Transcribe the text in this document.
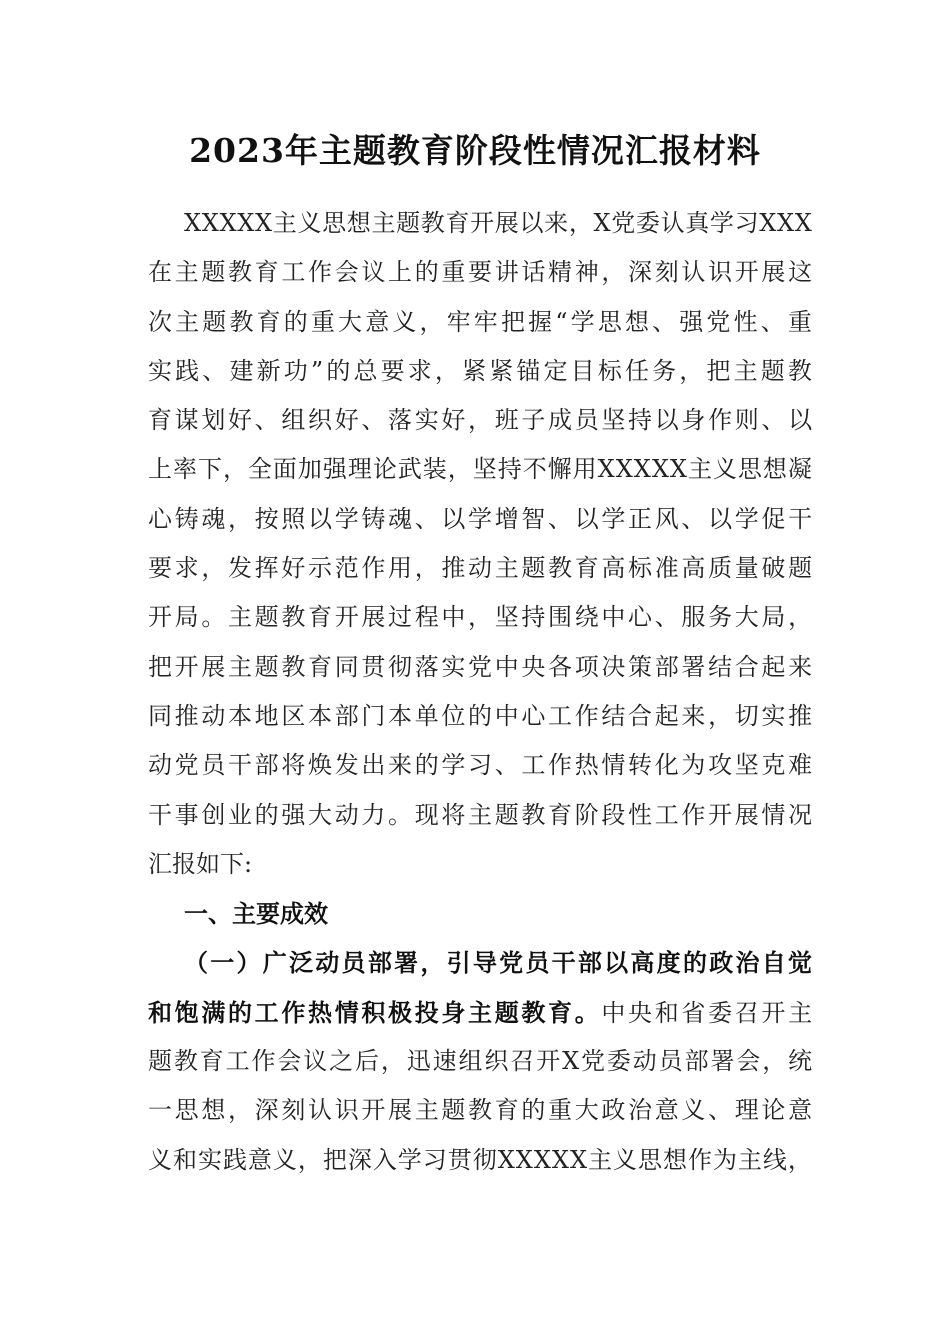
2023年主题教育阶段性情况汇报材料
XXXXX主义思想主题教育开展以来，X党委认真学习XXX
在主题教育工作会议上的重要讲话精神，深刻认识开展这
次主题教育的重大意义，牢牢把握“学思想、强党性、重
实践、建新功”的总要求，紧紧锚定目标任务，把主题教
育谋划好、组织好、落实好，班子成员坚持以身作则、以
上率下，全面加强理论武装，坚持不懈用XXXXX主义思想凝
心铸魂，按照以学铸魂、以学增智、以学正风、以学促干
要求，发挥好示范作用，推动主题教育高标准高质量破题
开局。主题教育开展过程中，坚持围绕中心、服务大局，
把开展主题教育同贯彻落实党中央各项决策部署结合起来
同推动本地区本部门本单位的中心工作结合起来，切实推
动党员干部将焕发出来的学习、工作热情转化为攻坚克难
干事创业的强大动力。现将主题教育阶段性工作开展情况
汇报如下:
一、主要成效
（一）广泛动员部署，引导党员干部以高度的政治自觉
和饱满的工作热情积极投身主题教育。中央和省委召开主
题教育工作会议之后，迅速组织召开X党委动员部署会，统
一思想，深刻认识开展主题教育的重大政治意义、理论意
义和实践意义，把深入学习贯彻XXXXX主义思想作为主线，
